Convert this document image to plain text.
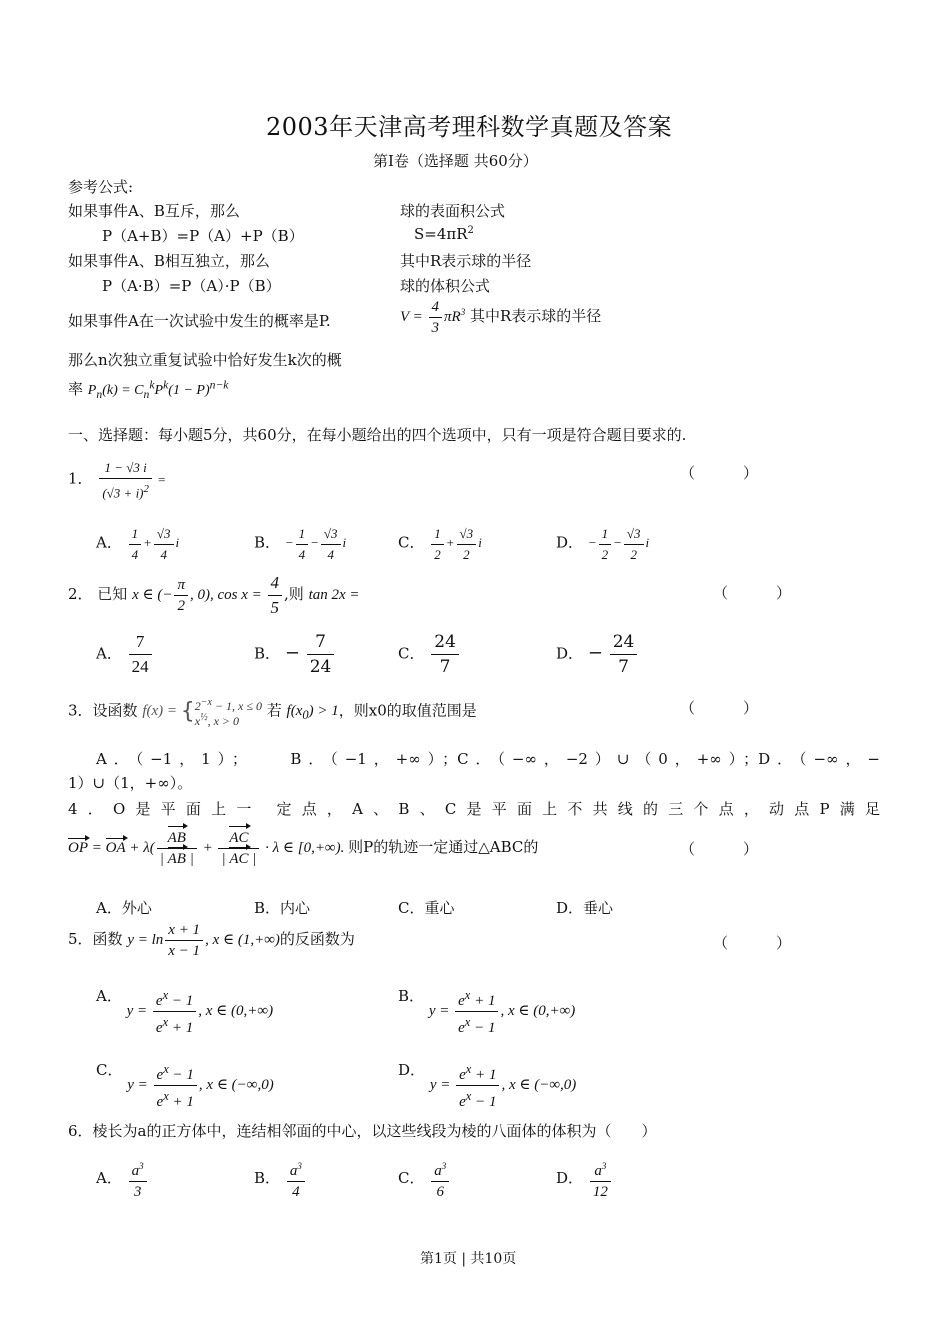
2003年天津高考理科数学真题及答案
第Ⅰ卷（选择题 共60分）
参考公式:
如果事件A、B互斥，那么
P（A+B）=P（A）+P（B）
如果事件A、B相互独立，那么
P（A·B）=P（A）·P（B）
如果事件A在一次试验中发生的概率是P.
那么n次独立重复试验中恰好发生k次的概
率 $P_n(k) = C_n^kP^k(1 - P)^{n-k}$
球的表面积公式
$S=4\pi R^2$
其中R表示球的半径
球的体积公式
$V = \frac{4}{3} \pi R^3$ 其中R表示球的半径
一、选择题：每小题5分，共60分，在每小题给出的四个选项中，只有一项是符合题目要求的.
1． $\frac{1 - √3 i}{(√3 + i)^2}$ =	（　　）
A． $\frac{1}{4} + \frac{√3}{4}$ i	B． − $\frac{1}{4} - \frac{√3}{4}$ i	C． $\frac{1}{2} + \frac{√3}{2}$ i	D． − $\frac{1}{2} - \frac{√3}{2}$ i
2． 已知 x ∈ (− $\frac{\pi}{2}$ , 0), $\cos x = \frac{4}{5}$ ,则 tan 2x =	（　　）
A． $\frac{7}{24}$	B． − $\frac{7}{24}$	C． $\frac{24}{7}$	D． − $\frac{24}{7}$
3．设函数 $f(x) = \{2^{-x} - 1$, x ≤ 0
$x^{\frac{1}{2}}$, x > 0 若 $f(x_0) > 1$，则x0的取值范围是	（　　）
A．（−1，1）；　　B．（−1，+∞）；C．（−∞，−2）∪（0，+∞）；D．（−∞，−
1）∪（1，+∞）。
4．O是平面上一 定点，A、B、C是平面上不共线的三个点，动点P满足
OP = OA + $\lambda( \frac{AB}{| AB |} + \frac{AC}{| AC |} \cdot \lambda$ ∈ [0,+∞). 则P的轨迹一定通过△ABC的	（　　）
A．外心	B．内心	C．重心	D．垂心
5．函数 $y = \ln \frac{x + 1}{x - 1}$ , x ∈ (1,+∞)的反函数为	（　　）
A． $y = \frac{e^x - 1}{e^x + 1}$ , x ∈ (0,+∞)
B． $y = \frac{e^x + 1}{e^x - 1}$ , x ∈ (0,+∞)
C． $y = \frac{e^x - 1}{e^x + 1}$ , x ∈ (−∞,0)
D． $y = \frac{e^x + 1}{e^x - 1}$ , x ∈ (−∞,0)
6．棱长为a的正方体中，连结相邻面的中心，以这些线段为棱的八面体的体积为（　　）
A． $\frac{a^3}{3}$	B． $\frac{a^3}{4}$	C． $\frac{a^3}{6}$	D． $\frac{a^3}{12}$
第1页 | 共10页
